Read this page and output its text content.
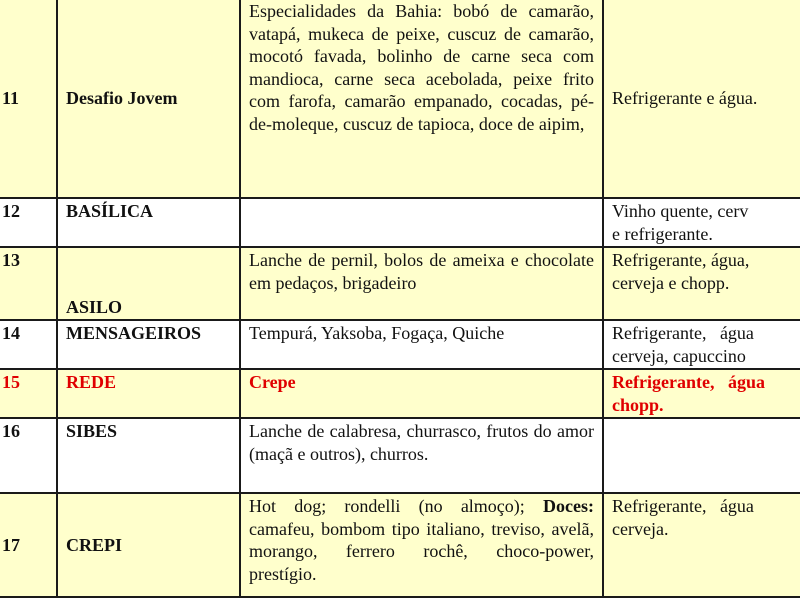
11	Desafio Jovem	Especialidades da Bahia: bobó de camarão, vatapá, mukeca de peixe, cuscuz de camarão, mocotó favada, bolinho de carne seca com mandioca, carne seca acebolada, peixe frito com farofa, camarão empanado, cocadas, pé-de-moleque, cuscuz de tapioca, doce de aipim,	Refrigerante e água.
12	BASÍLICA		Vinho quente, cerv
e refrigerante.

13	ASILO	Lanche de pernil, bolos de ameixa e chocolate em pedaços, brigadeiro	Refrigerante, água,
cerveja e chopp.

14	MENSAGEIROS	Tempurá, Yaksoba, Fogaça, Quiche	Refrigerante,   água
cerveja, capuccino

15	REDE	Crepe	Refrigerante,   água
chopp.

16	SIBES	Lanche de calabresa, churrasco, frutos do amor (maçã e outros), churros.	
17	CREPI	Hot dog; rondelli (no almoço); Doces: camafeu, bombom tipo italiano, treviso, avelã, morango, ferrero rochê, choco-power, prestígio.	Refrigerante,   água
cerveja.
